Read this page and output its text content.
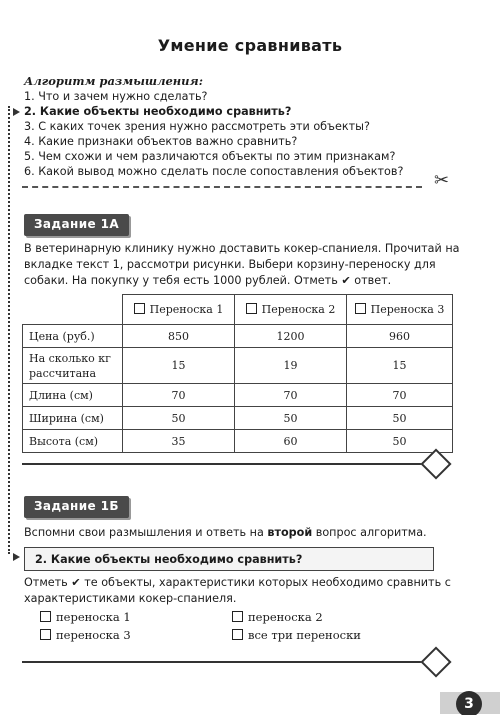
Умение сравнивать
Алгоритм размышления:
1. Что и зачем нужно сделать?
2. Какие объекты необходимо сравнить?
3. С каких точек зрения нужно рассмотреть эти объекты?
4. Какие признаки объектов важно сравнить?
5. Чем схожи и чем различаются объекты по этим признакам?
6. Какой вывод можно сделать после сопоставления объектов? ✂
Задание 1А
В ветеринарную клинику нужно доставить кокер-спаниеля. Прочитай на вкладке текст 1, рассмотри рисунки. Выбери корзину-переноску для собаки. На покупку у тебя есть 1000 рублей. Отметь ✔ ответ.
	Переноска 1	Переноска 2	Переноска 3
Цена (руб.)	850	1200	960
На сколько кг рассчитана	15	19	15
Длина (см)	70	70	70
Ширина (см)	50	50	50
Высота (см)	35	60	50
Задание 1Б
Вспомни свои размышления и ответь на второй вопрос алгоритма.
2. Какие объекты необходимо сравнить?
Отметь ✔ те объекты, характеристики которых необходимо сравнить с характеристиками кокер-спаниеля.
переноска 1	переноска 2
переноска 3	все три переноски
3
